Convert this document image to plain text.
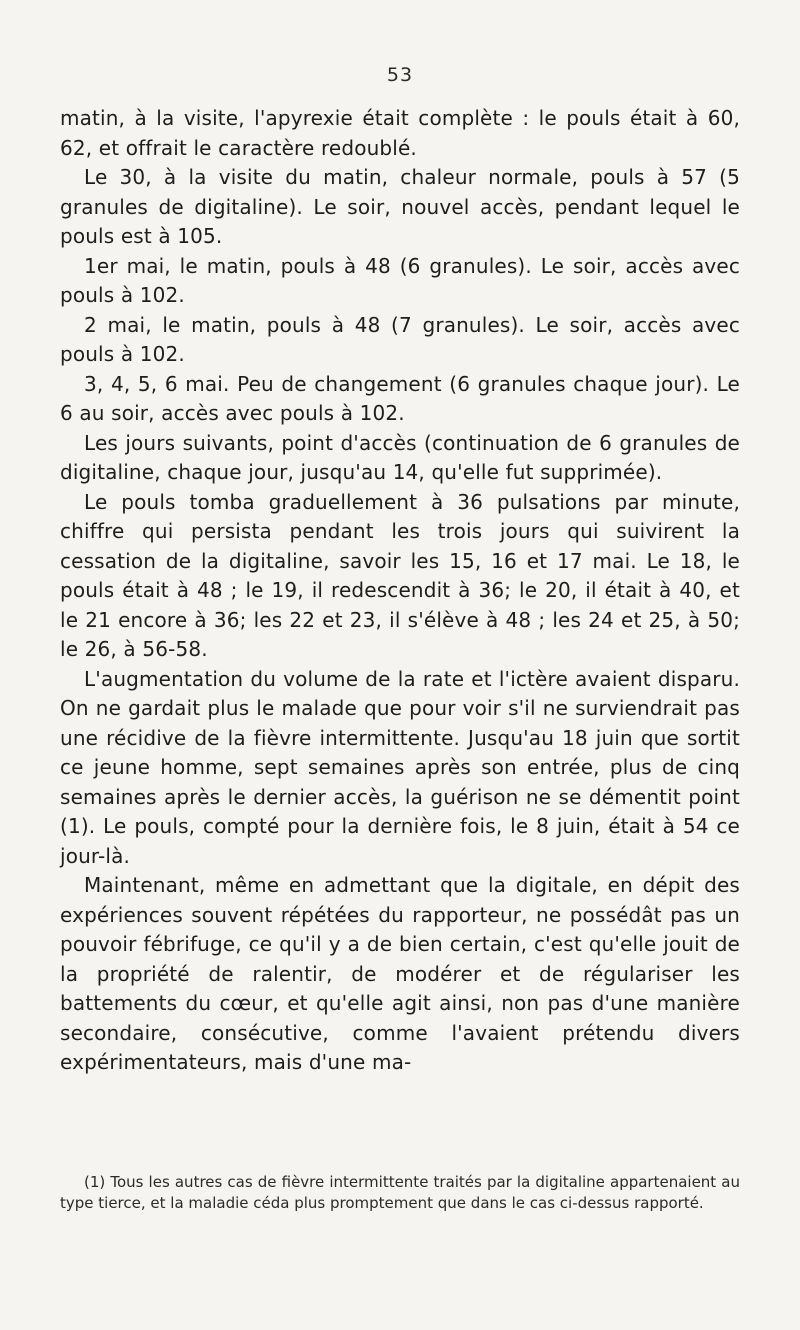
53

matin, à la visite, l'apyrexie était complète : le pouls était à 60, 62, et offrait le caractère redoublé.

Le 30, à la visite du matin, chaleur normale, pouls à 57 (5 granules de digitaline). Le soir, nouvel accès, pendant lequel le pouls est à 105.

1er mai, le matin, pouls à 48 (6 granules). Le soir, accès avec pouls à 102.

2 mai, le matin, pouls à 48 (7 granules). Le soir, accès avec pouls à 102.

3, 4, 5, 6 mai. Peu de changement (6 granules chaque jour). Le 6 au soir, accès avec pouls à 102.

Les jours suivants, point d'accès (continuation de 6 granules de digitaline, chaque jour, jusqu'au 14, qu'elle fut supprimée).

Le pouls tomba graduellement à 36 pulsations par minute, chiffre qui persista pendant les trois jours qui suivirent la cessation de la digitaline, savoir les 15, 16 et 17 mai. Le 18, le pouls était à 48 ; le 19, il redescendit à 36; le 20, il était à 40, et le 21 encore à 36; les 22 et 23, il s'élève à 48 ; les 24 et 25, à 50; le 26, à 56-58.

L'augmentation du volume de la rate et l'ictère avaient disparu. On ne gardait plus le malade que pour voir s'il ne surviendrait pas une récidive de la fièvre intermittente. Jusqu'au 18 juin que sortit ce jeune homme, sept semaines après son entrée, plus de cinq semaines après le dernier accès, la guérison ne se démentit point (1). Le pouls, compté pour la dernière fois, le 8 juin, était à 54 ce jour-là.

Maintenant, même en admettant que la digitale, en dépit des expériences souvent répétées du rapporteur, ne possédât pas un pouvoir fébrifuge, ce qu'il y a de bien certain, c'est qu'elle jouit de la propriété de ralentir, de modérer et de régulariser les battements du cœur, et qu'elle agit ainsi, non pas d'une manière secondaire, consécutive, comme l'avaient prétendu divers expérimentateurs, mais d'une ma-

(1) Tous les autres cas de fièvre intermittente traités par la digitaline appartenaient au type tierce, et la maladie céda plus promptement que dans le cas ci-dessus rapporté.
